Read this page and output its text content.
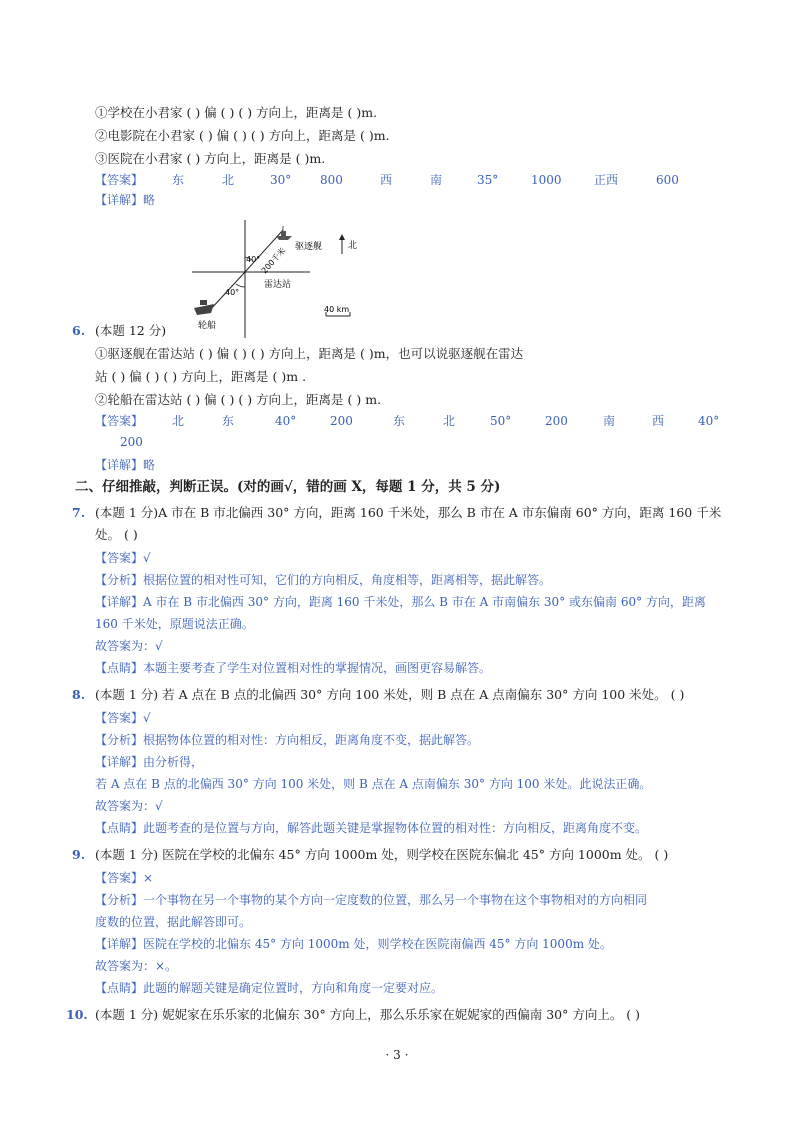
①学校在小君家 ( ) 偏 ( ) ( ) 方向上，距离是 ( )m.
②电影院在小君家 ( ) 偏 ( ) ( ) 方向上，距离是 ( )m.
③医院在小君家 ( ) 方向上，距离是 ( )m.
【答案】 东	北	30° 800	西	南	35°	1000	正西	600
【详解】略
北
驱逐舰
200千米
雷达站
轮船
40°
40°
40 km
6. (本题 12 分)
①驱逐舰在雷达站 ( ) 偏 ( ) ( ) 方向上，距离是 ( )m，也可以说驱逐舰在雷达
站 ( ) 偏 ( ) ( ) 方向上，距离是 ( )m .
②轮船在雷达站 ( ) 偏 ( ) ( ) 方向上，距离是 ( ) m.
【答案】 北	东	40°	200	东	北	50°	200	南	西	40°
200
【详解】略
二、仔细推敲，判断正误。(对的画√，错的画 X，每题 1 分，共 5 分)
7. (本题 1 分)A 市在 B 市北偏西 30° 方向，距离 160 千米处，那么 B 市在 A 市东偏南 60° 方向，距离 160 千米
处。 ( )
【答案】√
【分析】根据位置的相对性可知，它们的方向相反，角度相等，距离相等，据此解答。
【详解】A 市在 B 市北偏西 30° 方向，距离 160 千米处，那么 B 市在 A 市南偏东 30° 或东偏南 60° 方向，距离
160 千米处，原题说法正确。
故答案为：√
【点睛】本题主要考查了学生对位置相对性的掌握情况，画图更容易解答。
8. (本题 1 分) 若 A 点在 B 点的北偏西 30° 方向 100 米处，则 B 点在 A 点南偏东 30° 方向 100 米处。 ( )
【答案】√
【分析】根据物体位置的相对性：方向相反，距离角度不变，据此解答。
【详解】由分析得，
若 A 点在 B 点的北偏西 30° 方向 100 米处，则 B 点在 A 点南偏东 30° 方向 100 米处。此说法正确。
故答案为：√
【点睛】此题考查的是位置与方向，解答此题关键是掌握物体位置的相对性：方向相反，距离角度不变。
9. (本题 1 分) 医院在学校的北偏东 45° 方向 1000m 处，则学校在医院东偏北 45° 方向 1000m 处。 ( )
【答案】×
【分析】一个事物在另一个事物的某个方向一定度数的位置，那么另一个事物在这个事物相对的方向相同
度数的位置，据此解答即可。
【详解】医院在学校的北偏东 45° 方向 1000m 处，则学校在医院南偏西 45° 方向 1000m 处。
故答案为：×。
【点睛】此题的解题关键是确定位置时，方向和角度一定要对应。
10. (本题 1 分) 妮妮家在乐乐家的北偏东 30° 方向上，那么乐乐家在妮妮家的西偏南 30° 方向上。 ( )
· 3 ·
